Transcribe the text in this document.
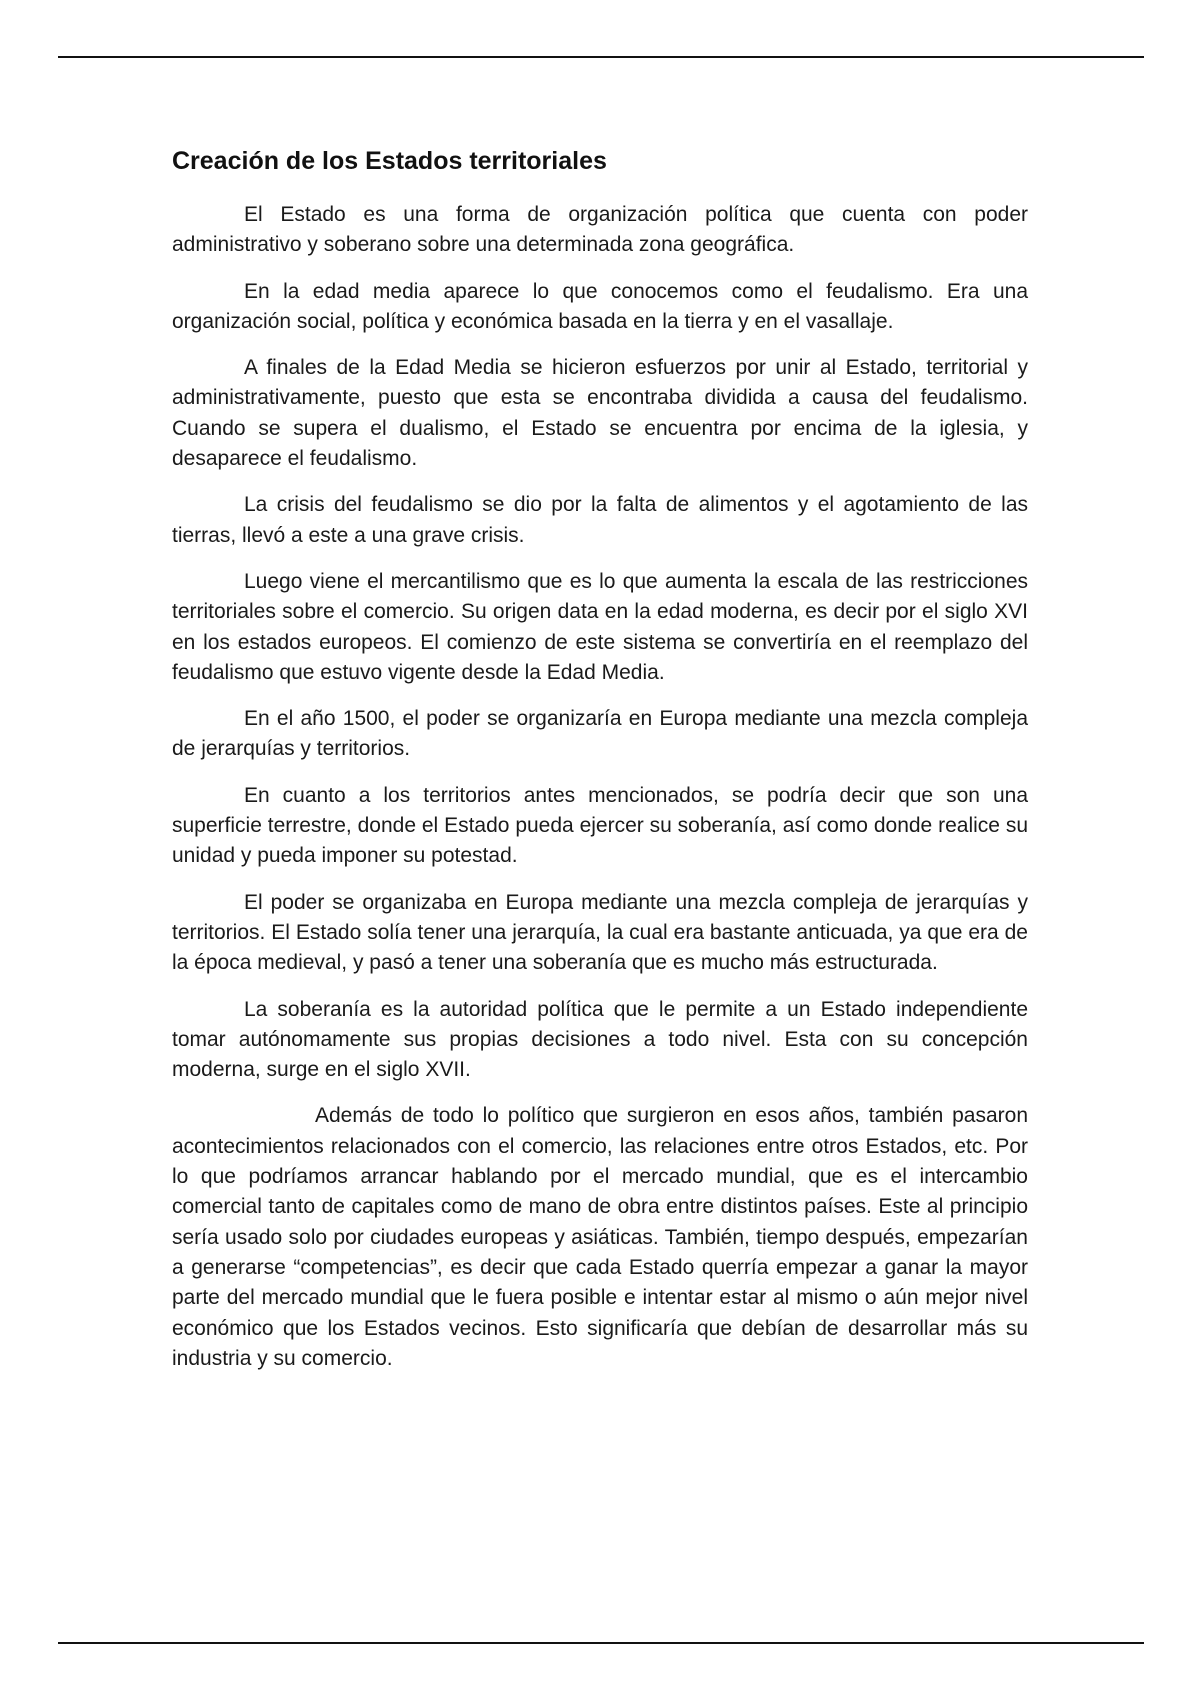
Creación de los Estados territoriales

El Estado es una forma de organización política que cuenta con poder administrativo y soberano sobre una determinada zona geográfica.

En la edad media aparece lo que conocemos como el feudalismo. Era una organización social, política y económica basada en la tierra y en el vasallaje.

A finales de la Edad Media se hicieron esfuerzos por unir al Estado, territorial y administrativamente, puesto que esta se encontraba dividida a causa del feudalismo. Cuando se supera el dualismo, el Estado se encuentra por encima de la iglesia, y desaparece el feudalismo.

La crisis del feudalismo se dio por la falta de alimentos y el agotamiento de las tierras, llevó a este a una grave crisis.

Luego viene el mercantilismo que es lo que aumenta la escala de las restricciones territoriales sobre el comercio. Su origen data en la edad moderna, es decir por el siglo XVI en los estados europeos. El comienzo de este sistema se convertiría en el reemplazo del feudalismo que estuvo vigente desde la Edad Media.

En el año 1500, el poder se organizaría en Europa mediante una mezcla compleja de jerarquías y territorios.

En cuanto a los territorios antes mencionados, se podría decir que son una superficie terrestre, donde el Estado pueda ejercer su soberanía, así como donde realice su unidad y pueda imponer su potestad.

El poder se organizaba en Europa mediante una mezcla compleja de jerarquías y territorios. El Estado solía tener una jerarquía, la cual era bastante anticuada, ya que era de la época medieval, y pasó a tener una soberanía que es mucho más estructurada.

La soberanía es la autoridad política que le permite a un Estado independiente tomar autónomamente sus propias decisiones a todo nivel. Esta con su concepción moderna, surge en el siglo XVII.

Además de todo lo político que surgieron en esos años, también pasaron acontecimientos relacionados con el comercio, las relaciones entre otros Estados, etc. Por lo que podríamos arrancar hablando por el mercado mundial, que es el intercambio comercial tanto de capitales como de mano de obra entre distintos países. Este al principio sería usado solo por ciudades europeas y asiáticas. También, tiempo después, empezarían a generarse “competencias”, es decir que cada Estado querría empezar a ganar la mayor parte del mercado mundial que le fuera posible e intentar estar al mismo o aún mejor nivel económico que los Estados vecinos. Esto significaría que debían de desarrollar más su industria y su comercio.
